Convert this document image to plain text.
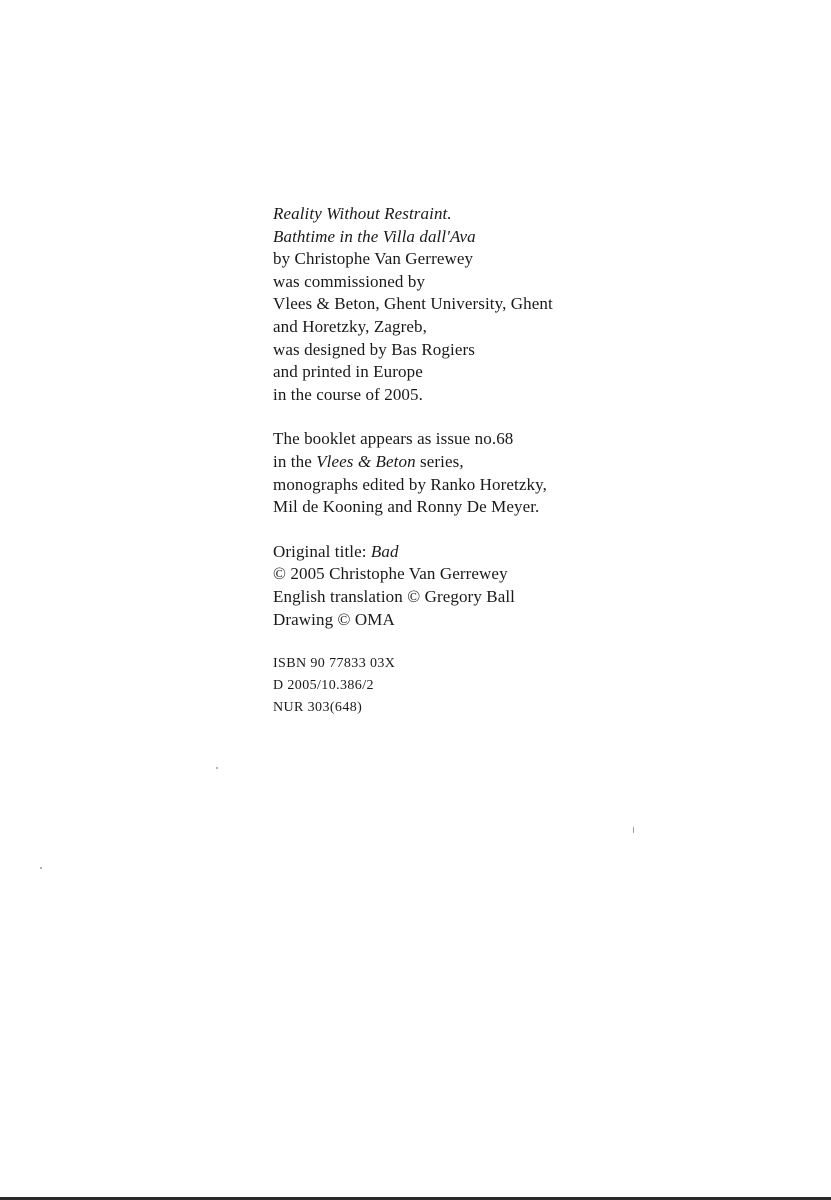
Reality Without Restraint.
Bathtime in the Villa dall'Ava
by Christophe Van Gerrewey
was commissioned by
Vlees & Beton, Ghent University, Ghent
and Horetzky, Zagreb,
was designed by Bas Rogiers
and printed in Europe
in the course of 2005.
The booklet appears as issue no.68
in the Vlees & Beton series,
monographs edited by Ranko Horetzky,
Mil de Kooning and Ronny De Meyer.
Original title: Bad
© 2005 Christophe Van Gerrewey
English translation © Gregory Ball
Drawing © OMA
ISBN 90 77833 03X
D 2005/10.386/2
NUR 303(648)
